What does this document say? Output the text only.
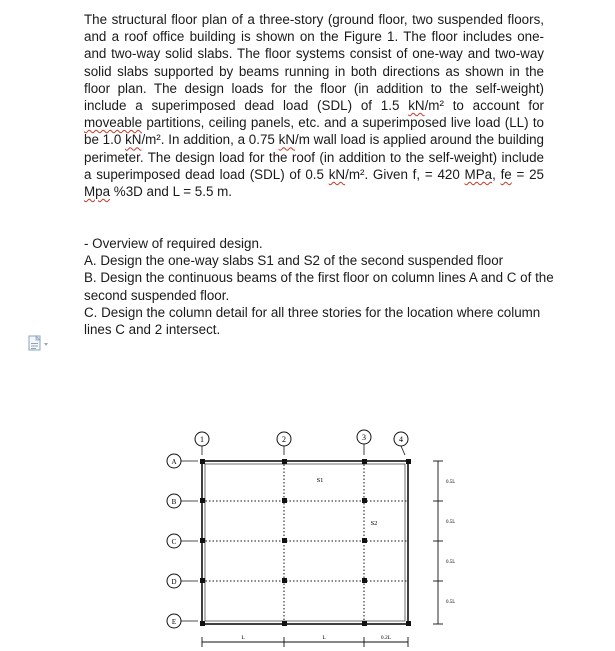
The structural floor plan of a three-story (ground floor, two suspended floors, and a roof office building is shown on the Figure 1. The floor includes one- and two-way solid slabs. The floor systems consist of one-way and two-way solid slabs supported by beams running in both directions as shown in the floor plan. The design loads for the floor (in addition to the self-weight) include a superimposed dead load (SDL) of 1.5 kN/m² to account for moveable partitions, ceiling panels, etc. and a superimposed live load (LL) to be 1.0 kN/m². In addition, a 0.75 kN/m wall load is applied around the building perimeter. The design load for the roof (in addition to the self-weight) include a superimposed dead load (SDL) of 0.5 kN/m². Given f, = 420 MPa, fe = 25 Mpa %3D and L = 5.5 m.

- Overview of required design.
A. Design the one-way slabs S1 and S2 of the second suspended floor
B. Design the continuous beams of the first floor on column lines A and C of the second suspended floor.
C. Design the column detail for all three stories for the location where column lines C and 2 intersect.
1	2	3	4
A
B
C
D
E
S1
S2
0.5L
0.5L
0.5L
0.5L
L	L	0.2L
